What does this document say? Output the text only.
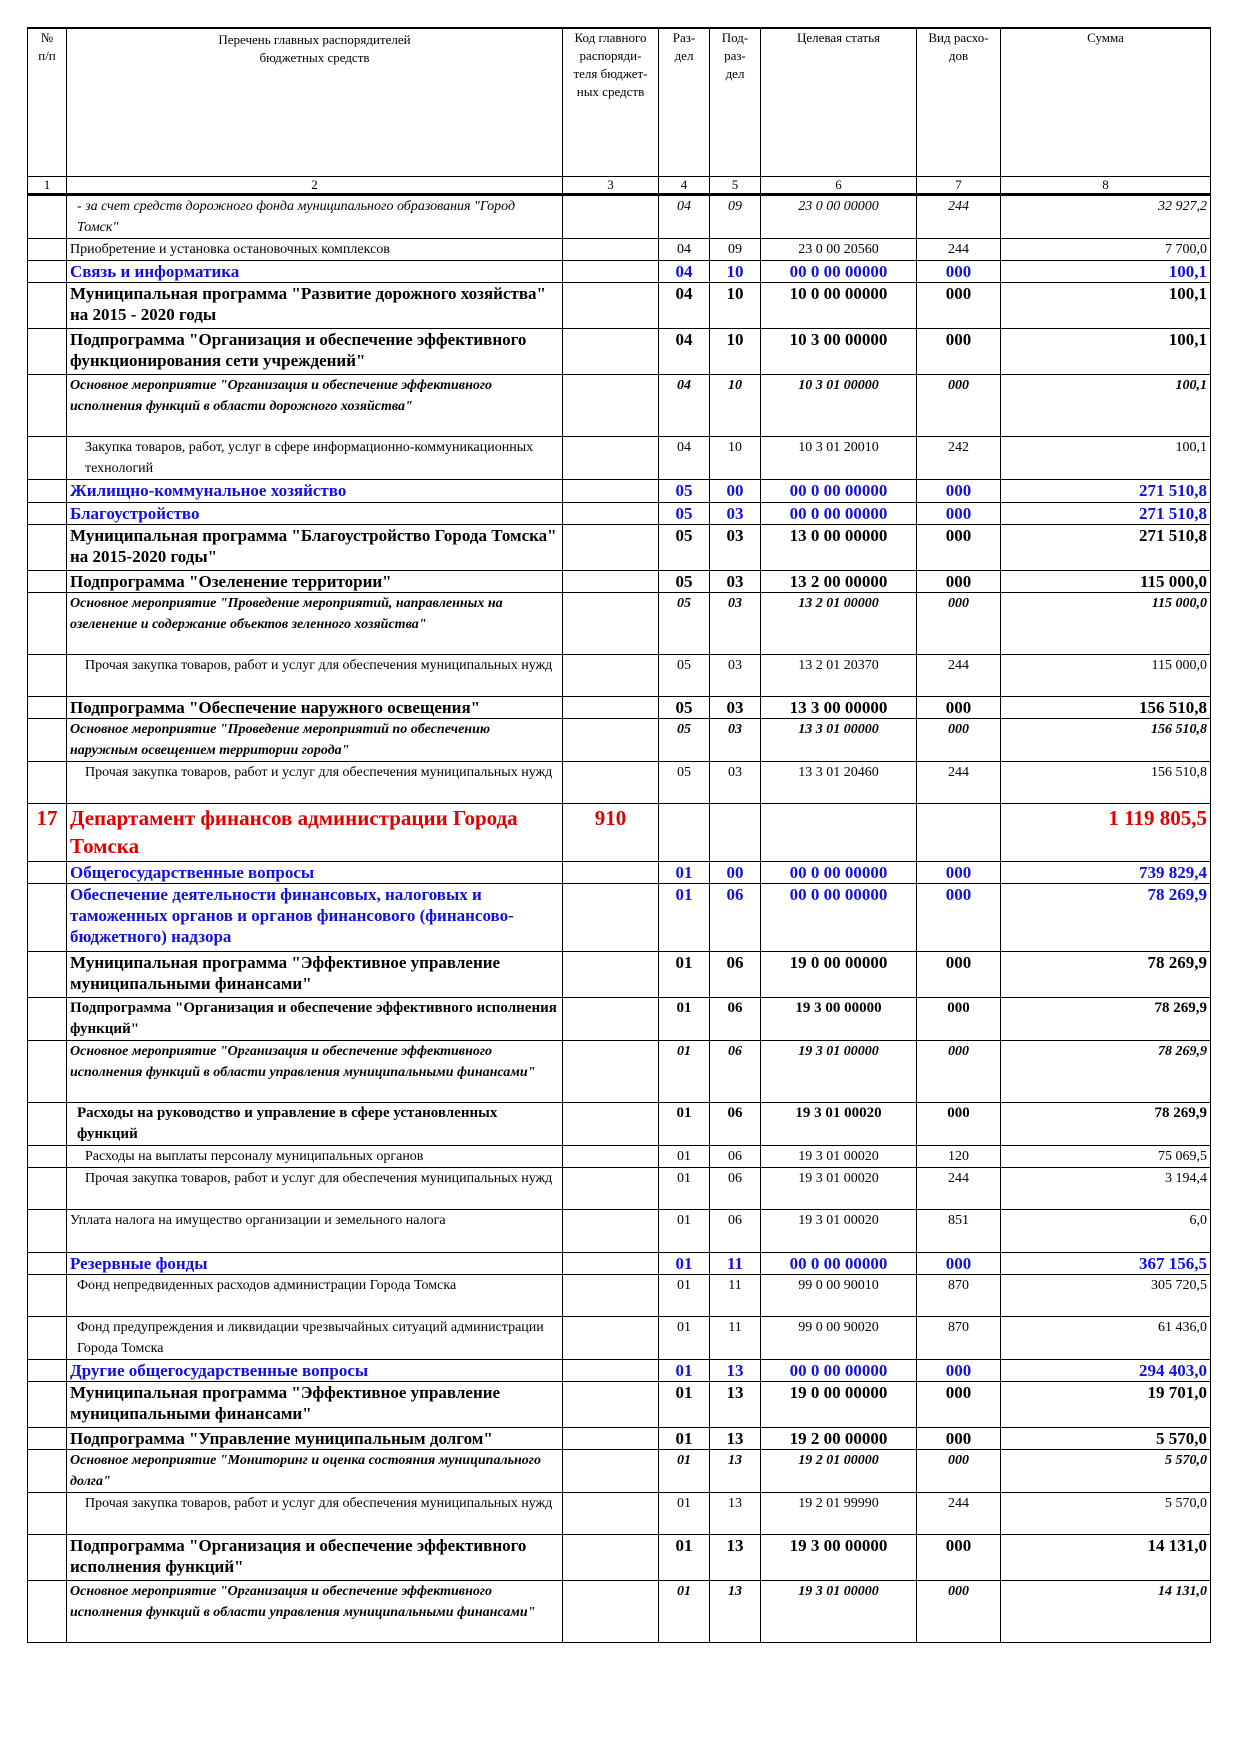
№
п/п	Перечень главных распорядителей
бюджетных средств	Код главного
распоряди-
теля бюджет-
ных средств	Раз-
дел	Под-
раз-
дел	Целевая статья	Вид расхо-
дов	Сумма
1	2	3	4	5	6	7	8
	- за счет средств дорожного фонда муниципального образования "Город Томск"		04	09	23 0 00 00000	244	32 927,2
	Приобретение и установка остановочных комплексов		04	09	23 0 00 20560	244	7 700,0
	Связь и информатика		04	10	00 0 00 00000	000	100,1
	Муниципальная программа "Развитие дорожного хозяйства" на 2015 - 2020 годы		04	10	10 0 00 00000	000	100,1
	Подпрограмма "Организация и обеспечение эффективного функционирования сети учреждений"		04	10	10 3 00 00000	000	100,1
	Основное мероприятие "Организация и обеспечение эффективного исполнения функций в области дорожного хозяйства"		04	10	10 3 01 00000	000	100,1
	Закупка товаров, работ, услуг в сфере информационно-коммуникационных технологий		04	10	10 3 01 20010	242	100,1
	Жилищно-коммунальное хозяйство		05	00	00 0 00 00000	000	271 510,8
	Благоустройство		05	03	00 0 00 00000	000	271 510,8
	Муниципальная программа "Благоустройство Города Томска" на 2015-2020 годы"		05	03	13 0 00 00000	000	271 510,8
	Подпрограмма "Озеленение территории"		05	03	13 2 00 00000	000	115 000,0
	Основное мероприятие "Проведение мероприятий, направленных на озеленение и содержание объектов зеленного хозяйства"		05	03	13 2 01 00000	000	115 000,0
	Прочая закупка товаров, работ и услуг для обеспечения муниципальных нужд		05	03	13 2 01 20370	244	115 000,0
	Подпрограмма "Обеспечение наружного освещения"		05	03	13 3 00 00000	000	156 510,8
	Основное мероприятие "Проведение мероприятий по обеспечению наружным освещением территории города"		05	03	13 3 01 00000	000	156 510,8
	Прочая закупка товаров, работ и услуг для обеспечения муниципальных нужд		05	03	13 3 01 20460	244	156 510,8
17	Департамент финансов администрации Города Томска	910					1 119 805,5
	Общегосударственные вопросы		01	00	00 0 00 00000	000	739 829,4
	Обеспечение деятельности финансовых, налоговых и таможенных органов и органов финансового (финансово-бюджетного) надзора		01	06	00 0 00 00000	000	78 269,9
	Муниципальная программа "Эффективное управление муниципальными финансами"		01	06	19 0 00 00000	000	78 269,9
	Подпрограмма "Организация и обеспечение эффективного исполнения функций"		01	06	19 3 00 00000	000	78 269,9
	Основное мероприятие "Организация и обеспечение эффективного исполнения функций в области управления муниципальными финансами"		01	06	19 3 01 00000	000	78 269,9
	Расходы на руководство и управление в сфере установленных функций		01	06	19 3 01 00020	000	78 269,9
	Расходы на выплаты персоналу муниципальных органов		01	06	19 3 01 00020	120	75 069,5
	Прочая закупка товаров, работ и услуг для обеспечения муниципальных нужд		01	06	19 3 01 00020	244	3 194,4
	Уплата налога на имущество организации и земельного налога		01	06	19 3 01 00020	851	6,0
	Резервные фонды		01	11	00 0 00 00000	000	367 156,5
	Фонд непредвиденных расходов администрации Города Томска		01	11	99 0 00 90010	870	305 720,5
	Фонд предупреждения и ликвидации чрезвычайных ситуаций администрации Города Томска		01	11	99 0 00 90020	870	61 436,0
	Другие общегосударственные вопросы		01	13	00 0 00 00000	000	294 403,0
	Муниципальная программа "Эффективное управление муниципальными финансами"		01	13	19 0 00 00000	000	19 701,0
	Подпрограмма "Управление муниципальным долгом"		01	13	19 2 00 00000	000	5 570,0
	Основное мероприятие "Мониторинг и оценка состояния муниципального долга"		01	13	19 2 01 00000	000	5 570,0
	Прочая закупка товаров, работ и услуг для обеспечения муниципальных нужд		01	13	19 2 01 99990	244	5 570,0
	Подпрограмма "Организация и обеспечение эффективного исполнения функций"		01	13	19 3 00 00000	000	14 131,0
	Основное мероприятие "Организация и обеспечение эффективного исполнения функций в области управления муниципальными финансами"		01	13	19 3 01 00000	000	14 131,0
